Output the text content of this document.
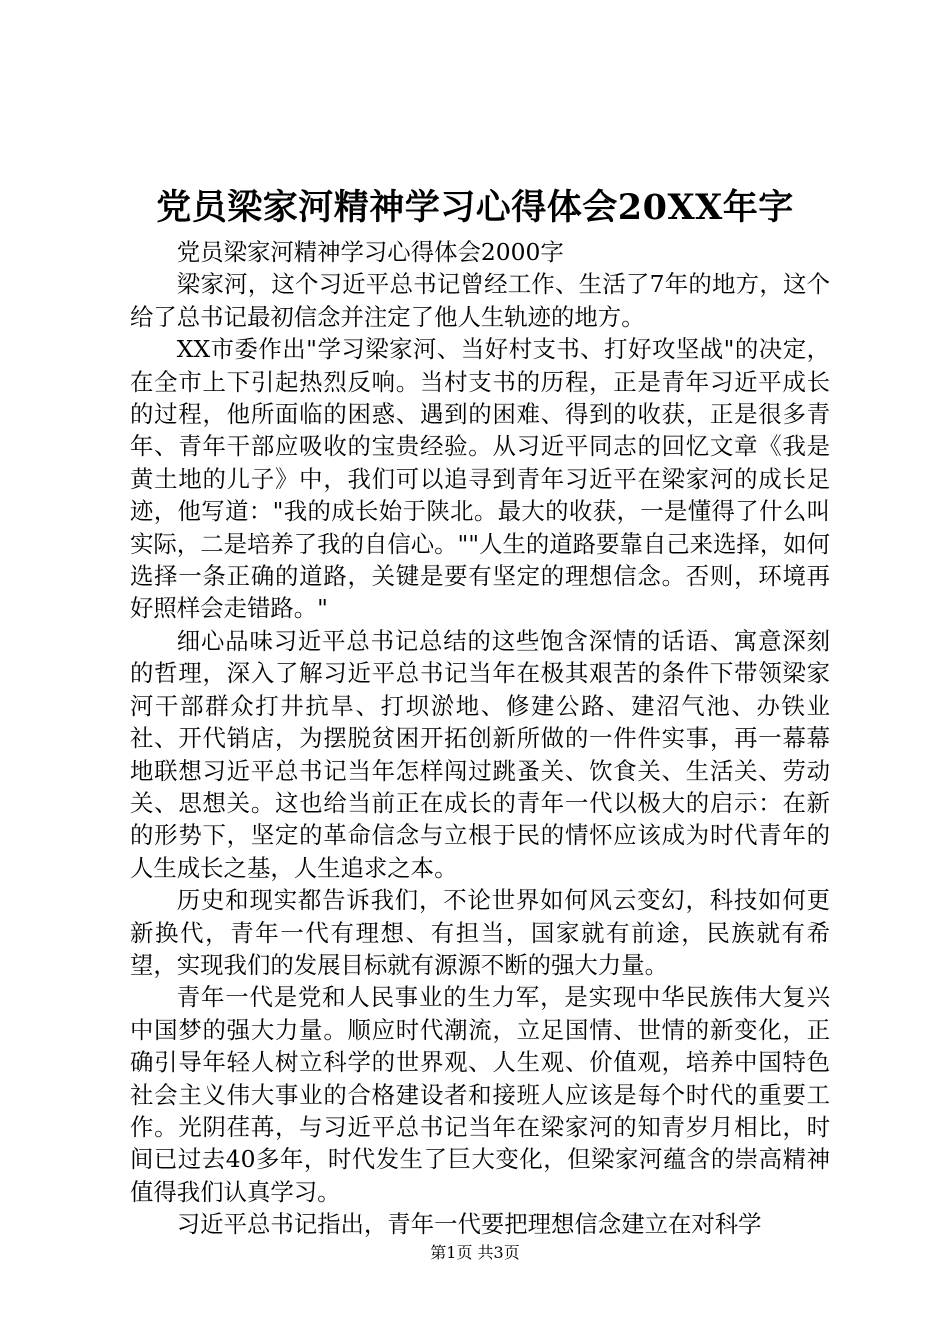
党员梁家河精神学习心得体会20XX年字

党员梁家河精神学习心得体会2000字

梁家河，这个习近平总书记曾经工作、生活了7年的地方，这个给了总书记最初信念并注定了他人生轨迹的地方。

XX市委作出"学习梁家河、当好村支书、打好攻坚战"的决定，在全市上下引起热烈反响。当村支书的历程，正是青年习近平成长的过程，他所面临的困惑、遇到的困难、得到的收获，正是很多青年、青年干部应吸收的宝贵经验。从习近平同志的回忆文章《我是黄土地的儿子》中，我们可以追寻到青年习近平在梁家河的成长足迹，他写道："我的成长始于陕北。最大的收获，一是懂得了什么叫实际，二是培养了我的自信心。""人生的道路要靠自己来选择，如何选择一条正确的道路，关键是要有坚定的理想信念。否则，环境再好照样会走错路。"

细心品味习近平总书记总结的这些饱含深情的话语、寓意深刻的哲理，深入了解习近平总书记当年在极其艰苦的条件下带领梁家河干部群众打井抗旱、打坝淤地、修建公路、建沼气池、办铁业社、开代销店，为摆脱贫困开拓创新所做的一件件实事，再一幕幕地联想习近平总书记当年怎样闯过跳蚤关、饮食关、生活关、劳动关、思想关。这也给当前正在成长的青年一代以极大的启示：在新的形势下，坚定的革命信念与立根于民的情怀应该成为时代青年的人生成长之基，人生追求之本。

历史和现实都告诉我们，不论世界如何风云变幻，科技如何更新换代，青年一代有理想、有担当，国家就有前途，民族就有希望，实现我们的发展目标就有源源不断的强大力量。

青年一代是党和人民事业的生力军，是实现中华民族伟大复兴中国梦的强大力量。顺应时代潮流，立足国情、世情的新变化，正确引导年轻人树立科学的世界观、人生观、价值观，培养中国特色社会主义伟大事业的合格建设者和接班人应该是每个时代的重要工作。光阴荏苒，与习近平总书记当年在梁家河的知青岁月相比，时间已过去40多年，时代发生了巨大变化，但梁家河蕴含的崇高精神值得我们认真学习。

习近平总书记指出，青年一代要把理想信念建立在对科学

第1页 共3页
